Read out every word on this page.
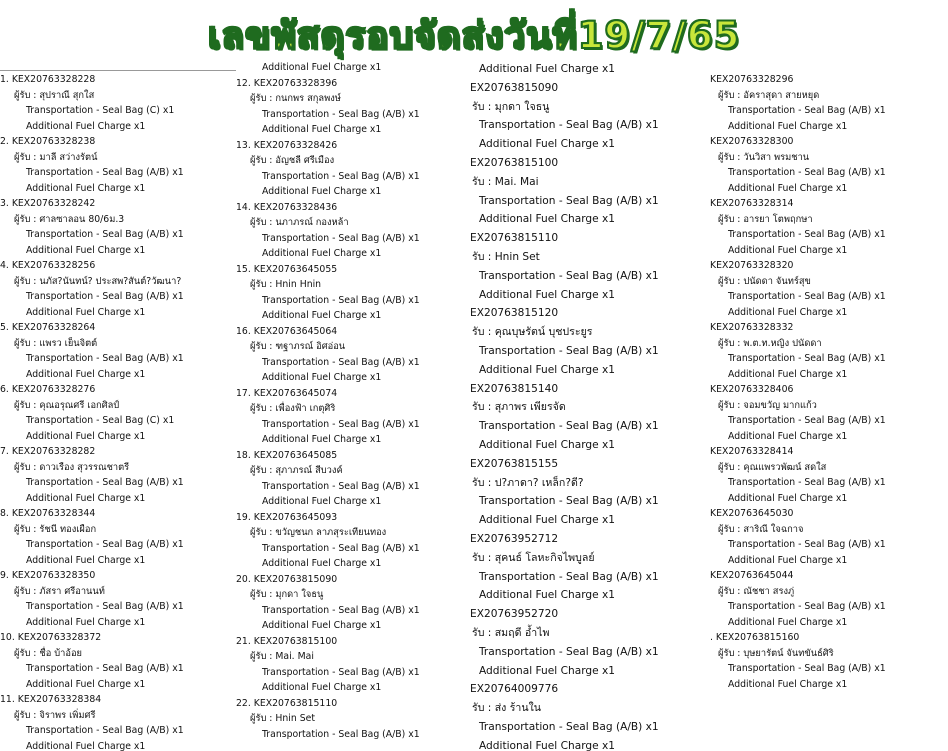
เลขพัสดุรอบจัดส่งวันที่19/7/65
1. KEX20763328228
ผู้รับ : สุปราณี สุกใส
Transportation - Seal Bag (C) x1
Additional Fuel Charge x1
2. KEX20763328238
ผู้รับ : มาลี สว่างรัตน์
Transportation - Seal Bag (A/B) x1
Additional Fuel Charge x1
3. KEX20763328242
ผู้รับ : ศาลซาลอน 80/6ม.3
Transportation - Seal Bag (A/B) x1
Additional Fuel Charge x1
4. KEX20763328256
ผู้รับ : นภัส?นันทน์? ประสพ?สันต์?วัฒนา?
Transportation - Seal Bag (A/B) x1
Additional Fuel Charge x1
5. KEX20763328264
ผู้รับ : แพรว เย็นจิตต์
Transportation - Seal Bag (A/B) x1
Additional Fuel Charge x1
6. KEX20763328276
ผู้รับ : คุณอรุณศรี เอกศิลป์
Transportation - Seal Bag (C) x1
Additional Fuel Charge x1
7. KEX20763328282
ผู้รับ : ดาวเรือง สุวรรณชาตรี
Transportation - Seal Bag (A/B) x1
Additional Fuel Charge x1
8. KEX20763328344
ผู้รับ : รัชนี ทองเผือก
Transportation - Seal Bag (A/B) x1
Additional Fuel Charge x1
9. KEX20763328350
ผู้รับ : ภัสรา ศรีอานนท์
Transportation - Seal Bag (A/B) x1
Additional Fuel Charge x1
10. KEX20763328372
ผู้รับ : ชื่อ บ้าอ้อย
Transportation - Seal Bag (A/B) x1
Additional Fuel Charge x1
11. KEX20763328384
ผู้รับ : จิราพร เพิ่มศรี
Transportation - Seal Bag (A/B) x1
Additional Fuel Charge x1
Additional Fuel Charge x1
12. KEX20763328396
ผู้รับ : กนกพร สกุลพงษ์
Transportation - Seal Bag (A/B) x1
Additional Fuel Charge x1
13. KEX20763328426
ผู้รับ : อัญชลี ศรีเมือง
Transportation - Seal Bag (A/B) x1
Additional Fuel Charge x1
14. KEX20763328436
ผู้รับ : นภาภรณ์ กองหล้า
Transportation - Seal Bag (A/B) x1
Additional Fuel Charge x1
15. KEX20763645055
ผู้รับ : Hnin Hnin
Transportation - Seal Bag (A/B) x1
Additional Fuel Charge x1
16. KEX20763645064
ผู้รับ : ฑฐาภรณ์ อิศอ่อน
Transportation - Seal Bag (A/B) x1
Additional Fuel Charge x1
17. KEX20763645074
ผู้รับ : เพื่องฟ้า เกตุศิริ
Transportation - Seal Bag (A/B) x1
Additional Fuel Charge x1
18. KEX20763645085
ผู้รับ : สุภาภรณ์ สีบวงค์
Transportation - Seal Bag (A/B) x1
Additional Fuel Charge x1
19. KEX20763645093
ผู้รับ : ขวัญชนก ลาภสุระเทียนทอง
Transportation - Seal Bag (A/B) x1
Additional Fuel Charge x1
20. KEX20763815090
ผู้รับ : มุกดา ใจธนู
Transportation - Seal Bag (A/B) x1
Additional Fuel Charge x1
21. KEX20763815100
ผู้รับ : Mai. Mai
Transportation - Seal Bag (A/B) x1
Additional Fuel Charge x1
22. KEX20763815110
ผู้รับ : Hnin Set
Transportation - Seal Bag (A/B) x1
Additional Fuel Charge x1
EX20763815090
รับ : มุกดา ใจธนู
Transportation - Seal Bag (A/B) x1
Additional Fuel Charge x1
EX20763815100
รับ : Mai. Mai
Transportation - Seal Bag (A/B) x1
Additional Fuel Charge x1
EX20763815110
รับ : Hnin Set
Transportation - Seal Bag (A/B) x1
Additional Fuel Charge x1
EX20763815120
รับ : คุณบุษรัตน์ บุชประยูร
Transportation - Seal Bag (A/B) x1
Additional Fuel Charge x1
EX20763815140
รับ : สุภาพร เพียรจัด
Transportation - Seal Bag (A/B) x1
Additional Fuel Charge x1
EX20763815155
รับ : ป?ภาดา? เหล็ก?ดี?
Transportation - Seal Bag (A/B) x1
Additional Fuel Charge x1
EX20763952712
รับ : สุคนธ์ โลหะกิจไพบูลย์
Transportation - Seal Bag (A/B) x1
Additional Fuel Charge x1
EX20763952720
รับ : สมฤดี อ้ำไพ
Transportation - Seal Bag (A/B) x1
Additional Fuel Charge x1
EX20764009776
รับ : ส่ง ร้านใน
Transportation - Seal Bag (A/B) x1
Additional Fuel Charge x1
KEX20763328296
ผู้รับ : อัคราสุดา สายหยุด
Transportation - Seal Bag (A/B) x1
Additional Fuel Charge x1
KEX20763328300
ผู้รับ : วันวิสา พรมชาน
Transportation - Seal Bag (A/B) x1
Additional Fuel Charge x1
KEX20763328314
ผู้รับ : อารยา โตพฤกษา
Transportation - Seal Bag (A/B) x1
Additional Fuel Charge x1
KEX20763328320
ผู้รับ : ปนัดดา จันทร์สุข
Transportation - Seal Bag (A/B) x1
Additional Fuel Charge x1
KEX20763328332
ผู้รับ : พ.ต.ท.หญิง ปนัดดา
Transportation - Seal Bag (A/B) x1
Additional Fuel Charge x1
KEX20763328406
ผู้รับ : จอมขวัญ มากแก้ว
Transportation - Seal Bag (A/B) x1
Additional Fuel Charge x1
KEX20763328414
ผู้รับ : คุณแพรวพัฒน์ สดใส
Transportation - Seal Bag (A/B) x1
Additional Fuel Charge x1
KEX20763645030
ผู้รับ : สาริณี ใจฉกาจ
Transportation - Seal Bag (A/B) x1
Additional Fuel Charge x1
KEX20763645044
ผู้รับ : ณัชชา สรงภู่
Transportation - Seal Bag (A/B) x1
Additional Fuel Charge x1
. KEX20763815160
ผู้รับ : บุษยารัตน์ จันทขันธ์ศิริ
Transportation - Seal Bag (A/B) x1
Additional Fuel Charge x1
